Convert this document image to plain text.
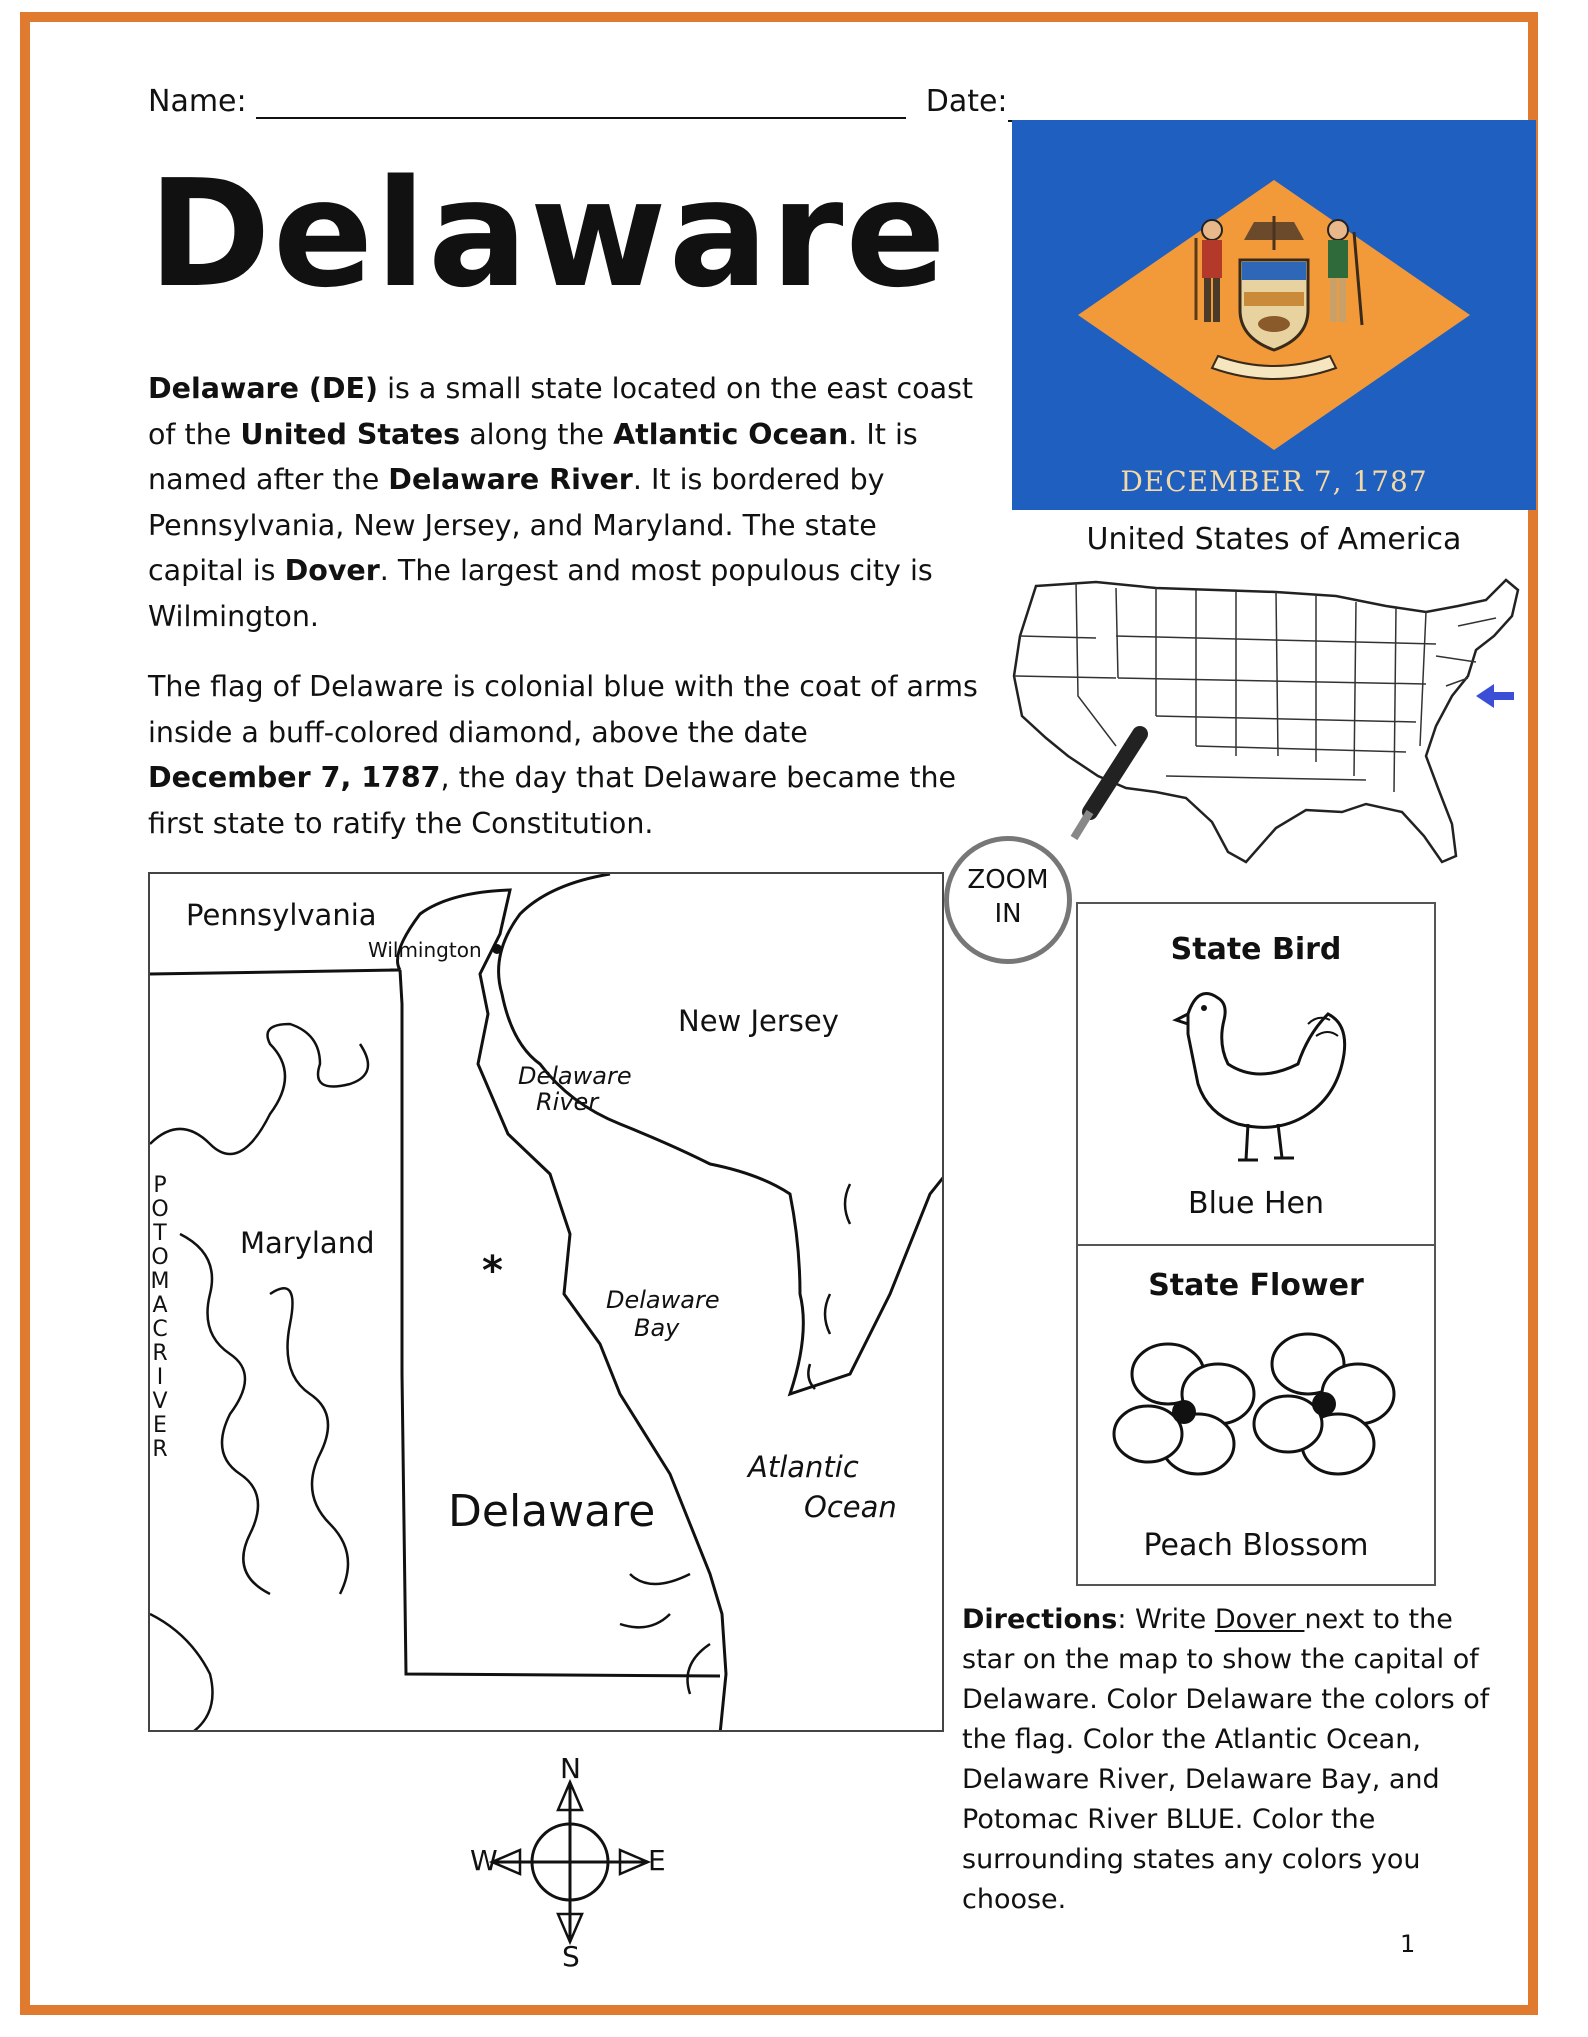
Name:	Date:
Delaware
Delaware (DE) is a small state located on the east coast of the United States along the Atlantic Ocean. It is named after the Delaware River. It is bordered by Pennsylvania, New Jersey, and Maryland. The state capital is Dover. The largest and most populous city is Wilmington.
The flag of Delaware is colonial blue with the coat of arms inside a buff-colored diamond, above the date December 7, 1787, the day that Delaware became the first state to ratify the Constitution.
DECEMBER 7, 1787
United States of America
ZOOM
IN
Pennsylvania
Wilmington
New Jersey
Delaware
River
Maryland
POTOMAC RIVER
*
Delaware
Bay
Atlantic
Ocean
Delaware
N
S
E
W
State Bird
Blue Hen
State Flower
Peach Blossom
Directions: Write Dover next to the star on the map to show the capital of Delaware. Color Delaware the colors of the flag. Color the Atlantic Ocean, Delaware River, Delaware Bay, and Potomac River BLUE. Color the surrounding states any colors you choose.
1
